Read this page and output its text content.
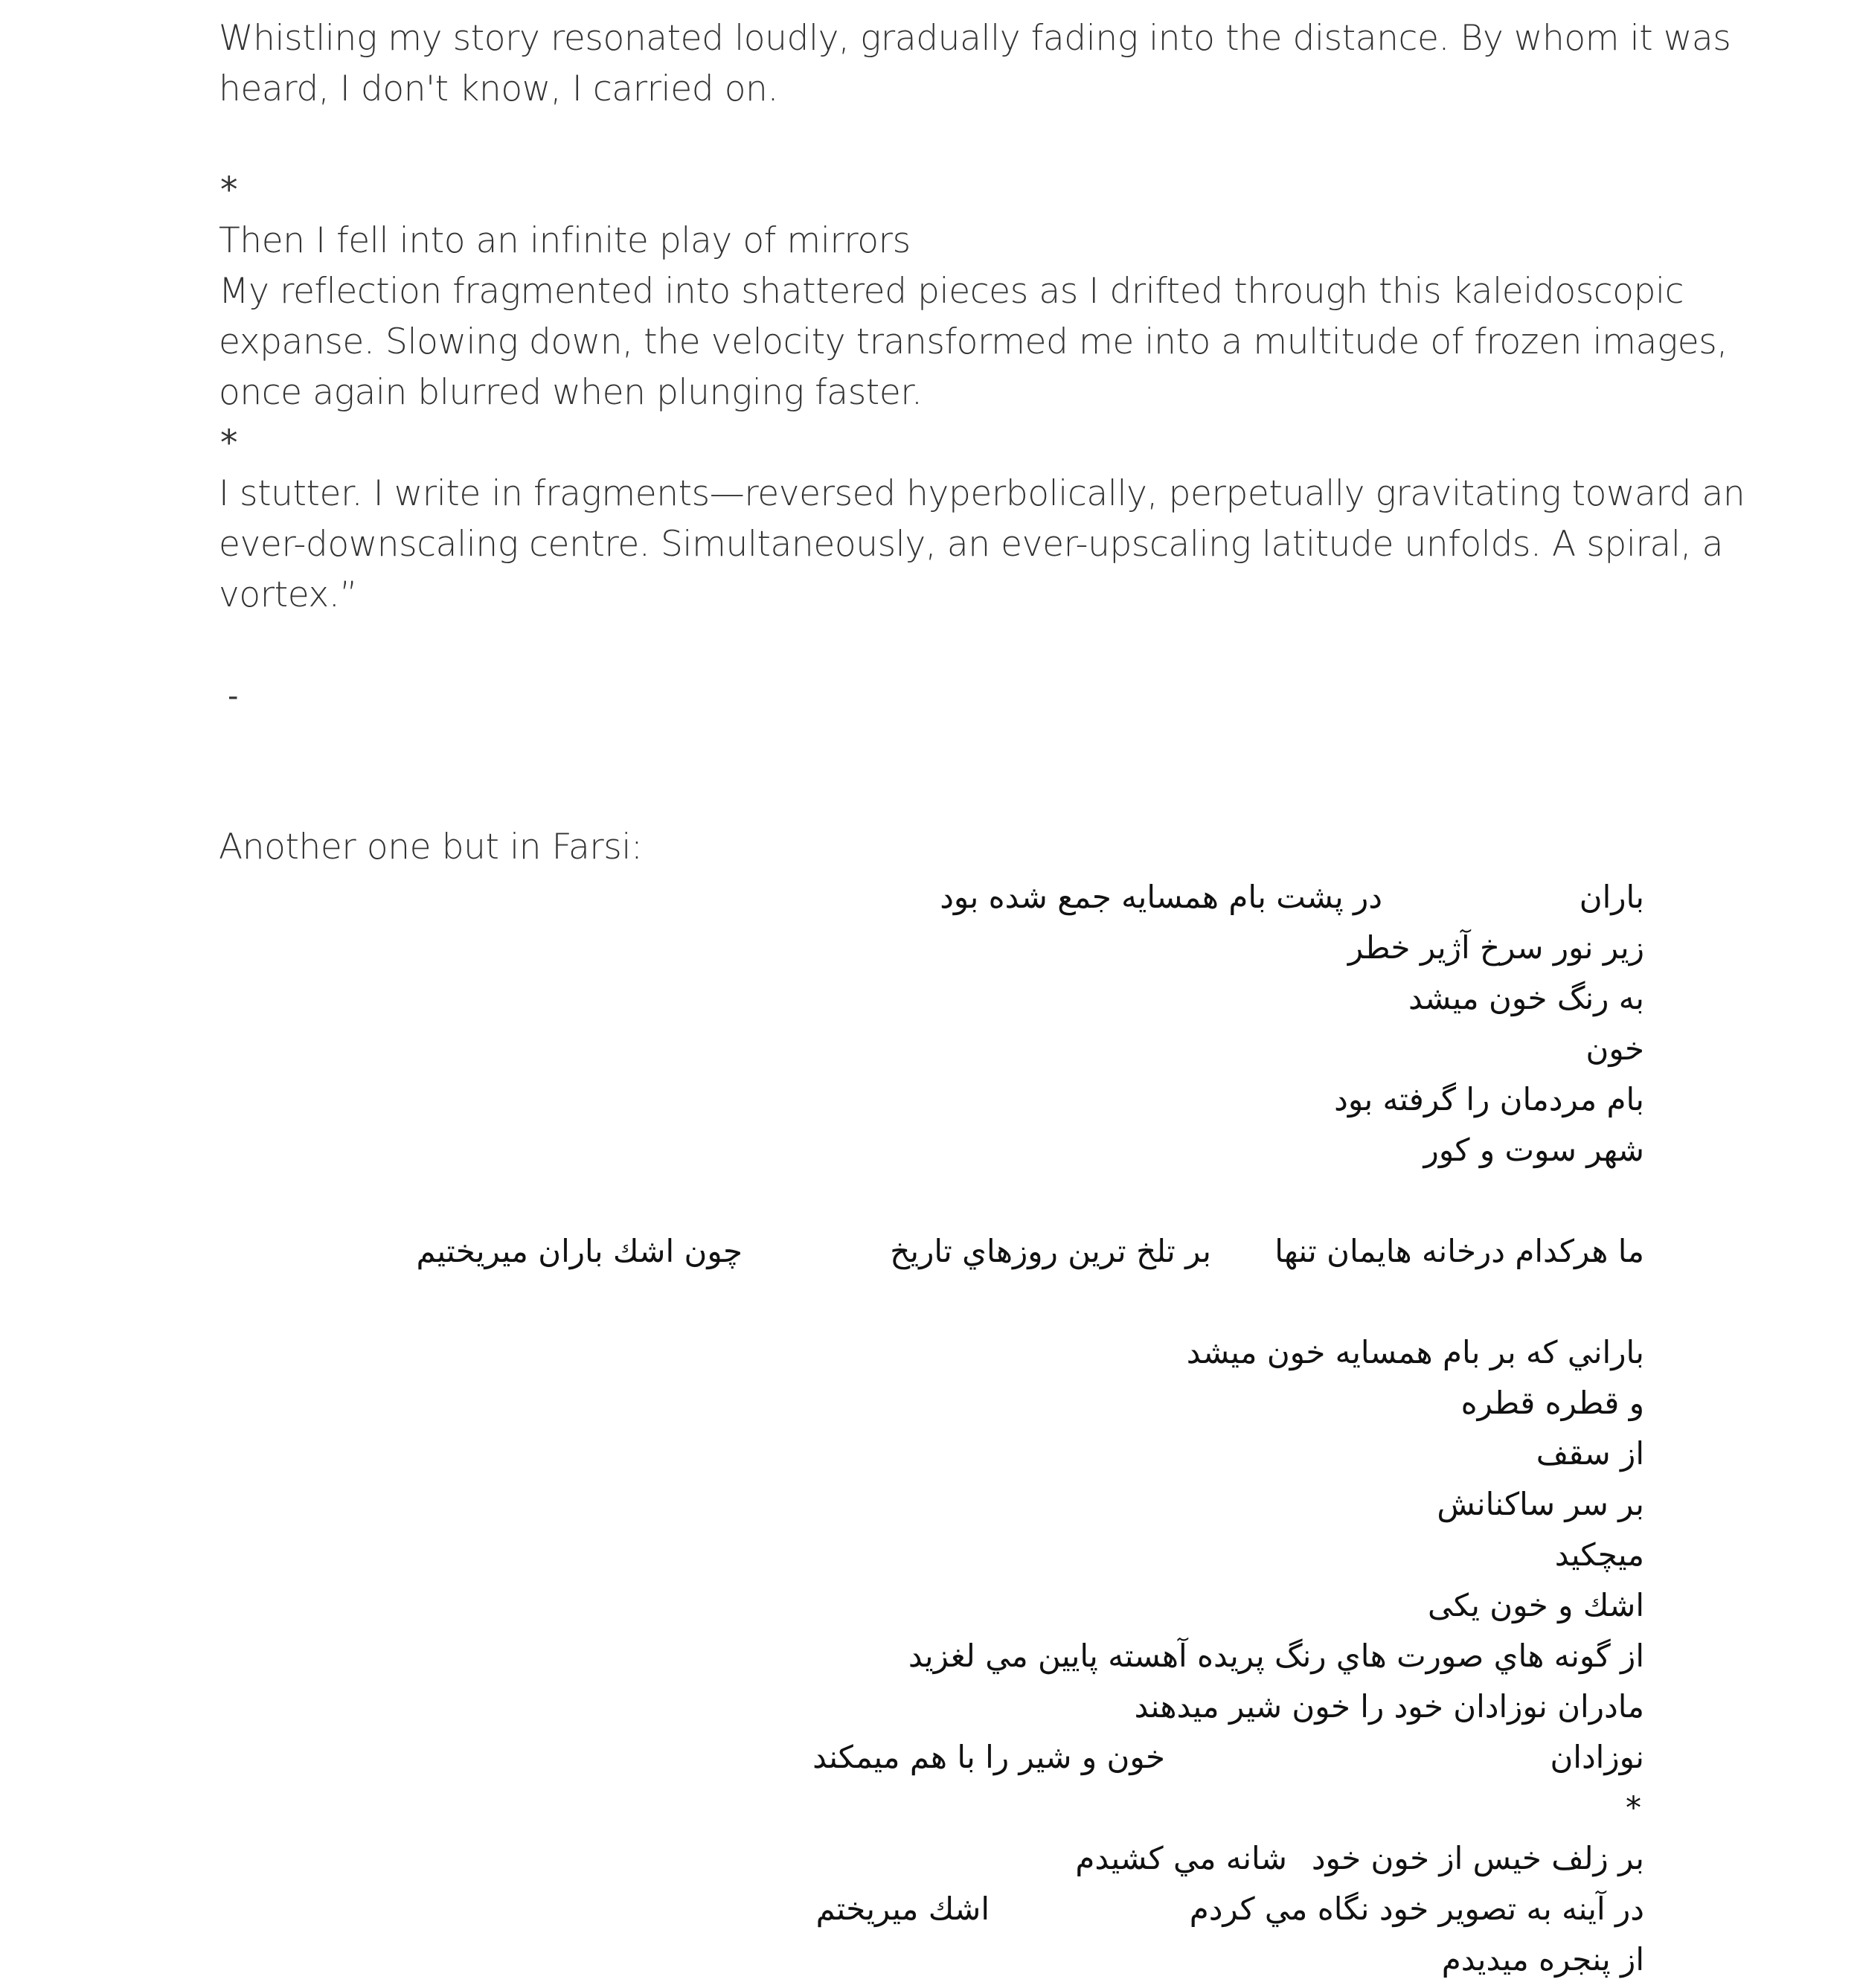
Whistling my story resonated loudly, gradually fading into the distance. By whom it was
heard, I don't know, I carried on.
*
Then I fell into an infinite play of mirrors
My reflection fragmented into shattered pieces as I drifted through this kaleidoscopic
expanse. Slowing down, the velocity transformed me into a multitude of frozen images,
once again blurred when plunging faster.
*
I stutter. I write in fragments—reversed hyperbolically, perpetually gravitating toward an
ever-downscaling centre. Simultaneously, an ever-upscaling latitude unfolds. A spiral, a
vortex.”
-
Another one but in Farsi:
باران
در پشت بام همسایه جمع شده بود
زیر نور سرخ آژیر خطر
به رنگ خون میشد
خون
بام مردمان را گرفته بود
شهر سوت و کور
ما هرکدام درخانه هایمان تنها
بر تلخ ترين روزهاي تاريخ
چون اشك باران ميريختيم
باراني كه بر بام همسايه خون ميشد
و قطره قطره
از سقف
بر سر ساكنانش
ميچكيد
اشك و خون يكی
از گونه هاي صورت هاي رنگ پريده آهسته پايين مي لغزيد
مادران نوزادان خود را خون شير ميدهند
نوزادان
خون و شير را با هم ميمكند
*
بر زلف خيس از خون خود
شانه مي كشيدم
در آينه به تصوير خود نگاه مي كردم
اشك ميريختم
از پنجره ميديدم
